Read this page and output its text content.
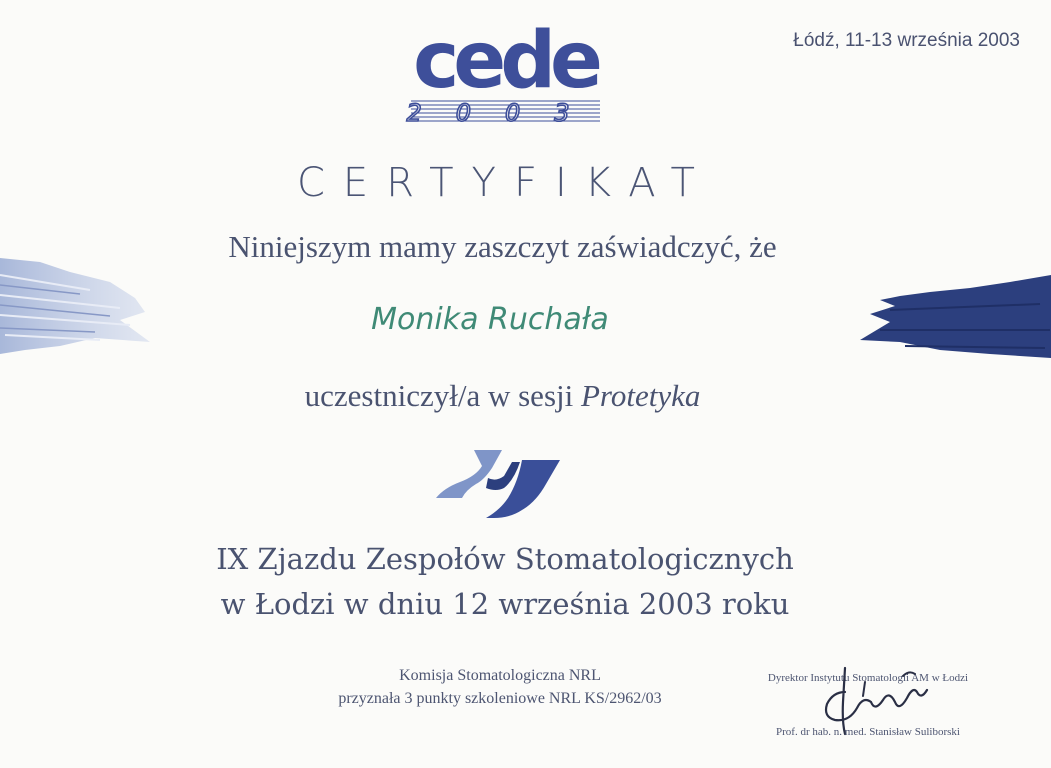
cede
2003
Łódź, 11-13 września 2003
CERTYFIKAT
Niniejszym mamy zaszczyt zaświadczyć, że
Monika Ruchała
uczestniczył/a w sesji Protetyka
IX Zjazdu Zespołów Stomatologicznych
w Łodzi w dniu 12 września 2003 roku
Komisja Stomatologiczna NRL
przyznała 3 punkty szkoleniowe NRL KS/2962/03
Dyrektor Instytutu Stomatologii AM w Łodzi
Prof. dr hab. n. med. Stanisław Suliborski
